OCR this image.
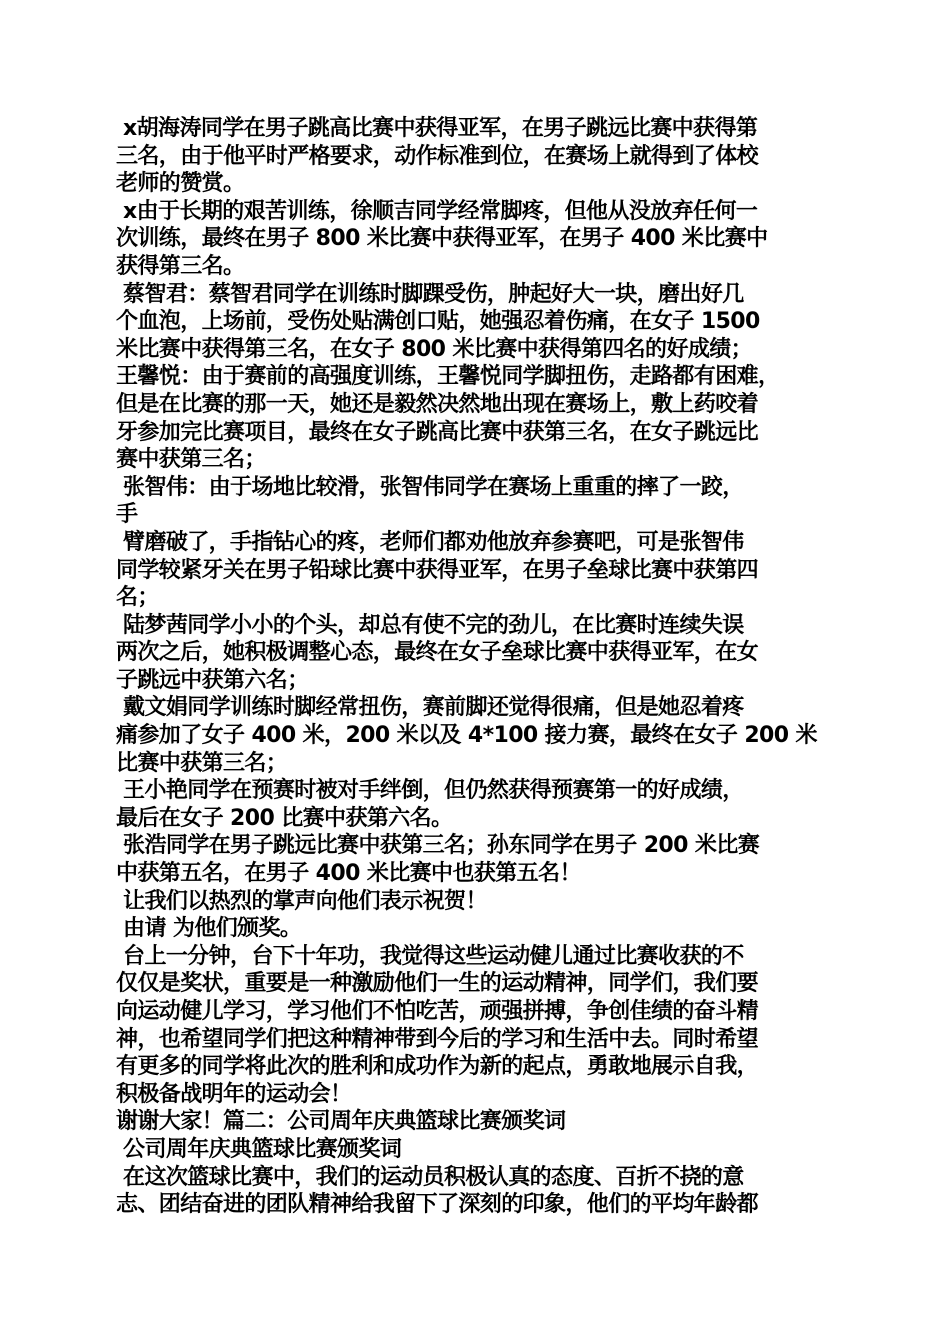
x胡海涛同学在男子跳高比赛中获得亚军，在男子跳远比赛中获得第
三名，由于他平时严格要求，动作标准到位，在赛场上就得到了体校
老师的赞赏。
x由于长期的艰苦训练，徐顺吉同学经常脚疼，但他从没放弃任何一
次训练，最终在男子 800 米比赛中获得亚军，在男子 400 米比赛中
获得第三名。
蔡智君：蔡智君同学在训练时脚踝受伤，肿起好大一块，磨出好几
个血泡，上场前，受伤处贴满创口贴，她强忍着伤痛，在女子 1500
米比赛中获得第三名，在女子 800 米比赛中获得第四名的好成绩；
王馨悦：由于赛前的高强度训练，王馨悦同学脚扭伤，走路都有困难，
但是在比赛的那一天，她还是毅然决然地出现在赛场上，敷上药咬着
牙参加完比赛项目，最终在女子跳高比赛中获第三名，在女子跳远比
赛中获第三名；
张智伟：由于场地比较滑，张智伟同学在赛场上重重的摔了一跤，
手
臂磨破了，手指钻心的疼，老师们都劝他放弃参赛吧，可是张智伟
同学较紧牙关在男子铅球比赛中获得亚军，在男子垒球比赛中获第四
名；
陆梦茜同学小小的个头，却总有使不完的劲儿，在比赛时连续失误
两次之后，她积极调整心态，最终在女子垒球比赛中获得亚军，在女
子跳远中获第六名；
戴文娟同学训练时脚经常扭伤，赛前脚还觉得很痛，但是她忍着疼
痛参加了女子 400 米，200 米以及 4*100 接力赛，最终在女子 200 米
比赛中获第三名；
王小艳同学在预赛时被对手绊倒，但仍然获得预赛第一的好成绩，
最后在女子 200 比赛中获第六名。
张浩同学在男子跳远比赛中获第三名；孙东同学在男子 200 米比赛
中获第五名，在男子 400 米比赛中也获第五名！
让我们以热烈的掌声向他们表示祝贺！
由请 为他们颁奖。
台上一分钟，台下十年功，我觉得这些运动健儿通过比赛收获的不
仅仅是奖状，重要是一种激励他们一生的运动精神，同学们，我们要
向运动健儿学习，学习他们不怕吃苦，顽强拼搏，争创佳绩的奋斗精
神，也希望同学们把这种精神带到今后的学习和生活中去。同时希望
有更多的同学将此次的胜利和成功作为新的起点，勇敢地展示自我，
积极备战明年的运动会！
谢谢大家！篇二：公司周年庆典篮球比赛颁奖词
公司周年庆典篮球比赛颁奖词
在这次篮球比赛中，我们的运动员积极认真的态度、百折不挠的意
志、团结奋进的团队精神给我留下了深刻的印象，他们的平均年龄都
